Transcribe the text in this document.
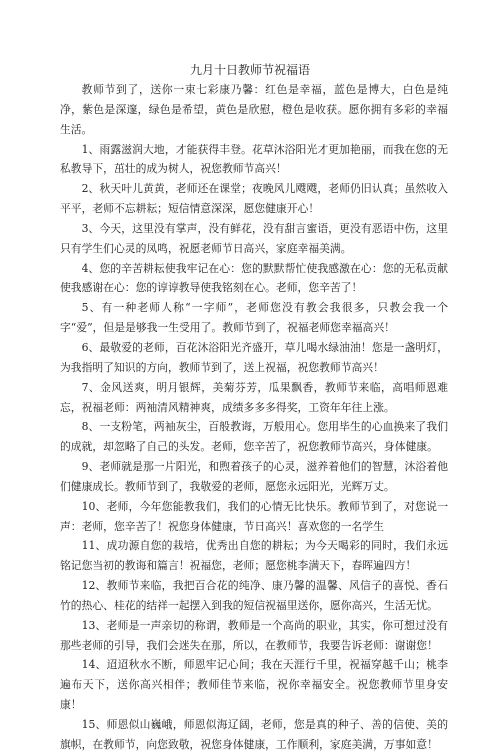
九月十日教师节祝福语

教师节到了，送你一束七彩康乃馨：红色是幸福，蓝色是博大，白色是纯净，紫色是深邃，绿色是希望，黄色是欣慰，橙色是收获。愿你拥有多彩的幸福生活。

1、雨露滋润大地，才能获得丰登。花草沐浴阳光才更加艳丽，而我在您的无私教导下，茁壮的成为树人，祝您教师节高兴！

2、秋天叶儿黄黄，老师还在课堂；夜晚风儿飕飕，老师仍旧认真；虽然收入平平，老师不忘耕耘；短信情意深深，愿您健康开心！

3、今天，这里没有掌声，没有鲜花，没有甜言蜜语，更没有恶语中伤，这里只有学生们心灵的凤鸣，祝愿老师节日高兴，家庭幸福美满。

4、您的辛苦耕耘使我牢记在心：您的默默帮忙使我感激在心：您的无私贡献使我感谢在心：您的谆谆教导使我铭刻在心。老师，您辛苦了！

5、有一种老师人称“一字师”，老师您没有教会我很多，只教会我一个字“爱”，但是是够我一生受用了。教师节到了，祝福老师您幸福高兴！

6、最敬爱的老师，百花沐浴阳光齐盛开，草儿喝水绿油油！您是一盏明灯，为我指明了知识的方向，教师节到了，送上祝福，祝您教师节高兴！

7、金风送爽，明月银辉，美菊芬芳，瓜果飘香，教师节来临，高唱师恩难忘，祝福老师：两袖清风精神爽，成绩多多多得奖，工资年年往上涨。

8、一支粉笔，两袖灰尘，百般教诲，万般用心。您用毕生的心血换来了我们的成就，却忽略了自己的头发。老师，您辛苦了，祝您教师节高兴，身体健康。

9、老师就是那一片阳光，和煦着孩子的心灵，滋养着他们的智慧，沐浴着他们健康成长。教师节到了，我敬爱的老师，愿您永远阳光，光辉万丈。

10、老师，今年您能教我们，我们的心情无比快乐。教师节到了，对您说一声：老师，您辛苦了！祝您身体健康，节日高兴！喜欢您的一名学生

11、成功源自您的栽培，优秀出自您的耕耘；为今天喝彩的同时，我们永远铭记您当初的教诲和篇言！祝福您，老师；愿您桃李满天下，春晖遍四方！

12、教师节来临，我把百合花的纯净、康乃馨的温馨、风信子的喜悦、香石竹的热心、桂花的结祥一起摆入到我的短信祝福里送你，愿你高兴，生活无忧。

13、老师是一声亲切的称谓，教师是一个高尚的职业，其实，你可想过没有那些老师的引导，我们会迷失在那，所以，在教师节，我要告诉老师：谢谢您！

14、迢迢秋水不断，师恩牢记心间；我在天涯行千里，祝福穿越千山；桃李遍布天下，送你高兴相伴；教师佳节来临，祝你幸福安全。祝您教师节里身安康！

15、师恩似山巍峨，师恩似海辽阔，老师，您是真的种子、善的信使、美的旗帜，在教师节，向您致敬，祝您身体健康，工作顺利，家庭美满，万事如意！
